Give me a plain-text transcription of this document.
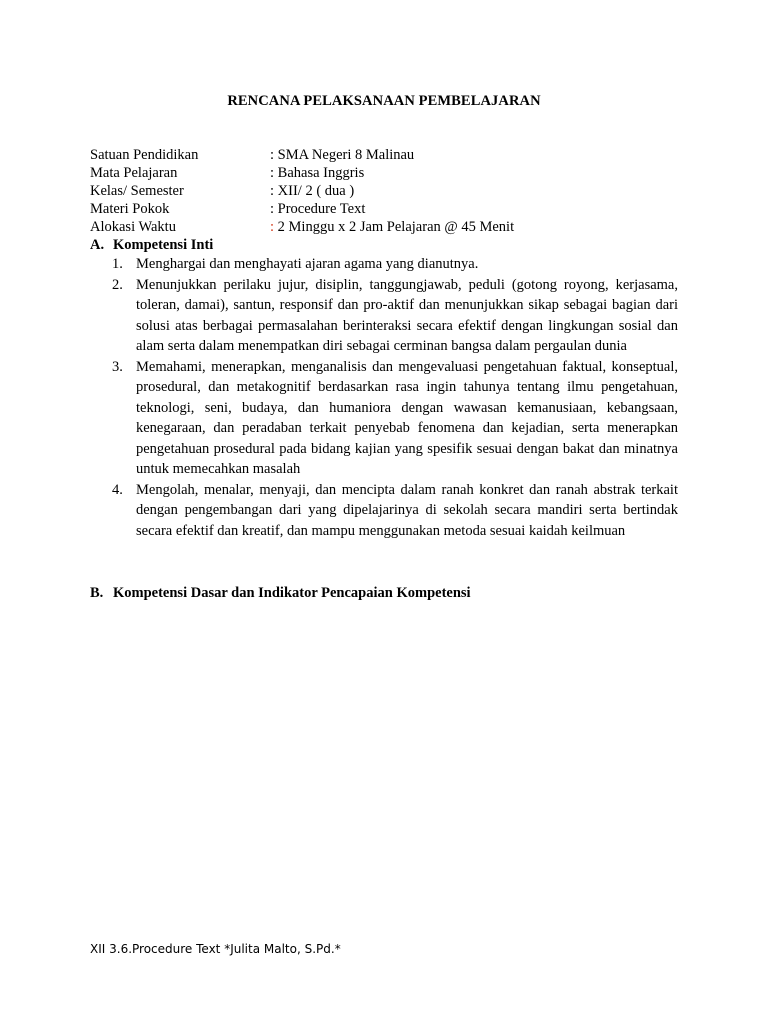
RENCANA PELAKSANAAN PEMBELAJARAN
Satuan Pendidikan	: SMA Negeri 8 Malinau
Mata Pelajaran	: Bahasa Inggris
Kelas/ Semester	: XII/ 2 ( dua )
Materi Pokok	: Procedure Text
Alokasi Waktu	: 2 Minggu x 2 Jam Pelajaran @ 45 Menit
A. Kompetensi Inti
1. Menghargai dan menghayati ajaran agama yang dianutnya.
2. Menunjukkan perilaku jujur, disiplin, tanggungjawab, peduli (gotong royong, kerjasama, toleran, damai), santun, responsif dan pro-aktif dan menunjukkan sikap sebagai bagian dari solusi atas berbagai permasalahan berinteraksi secara efektif dengan lingkungan sosial dan alam serta dalam menempatkan diri sebagai cerminan bangsa dalam pergaulan dunia
3. Memahami, menerapkan, menganalisis dan mengevaluasi pengetahuan faktual, konseptual, prosedural, dan metakognitif berdasarkan rasa ingin tahunya tentang ilmu pengetahuan, teknologi, seni, budaya, dan humaniora dengan wawasan kemanusiaan, kebangsaan, kenegaraan, dan peradaban terkait penyebab fenomena dan kejadian, serta menerapkan pengetahuan prosedural pada bidang kajian yang spesifik sesuai dengan bakat dan minatnya untuk memecahkan masalah
4. Mengolah, menalar, menyaji, dan mencipta dalam ranah konkret dan ranah abstrak terkait dengan pengembangan dari yang dipelajarinya di sekolah secara mandiri serta bertindak secara efektif dan kreatif, dan mampu menggunakan metoda sesuai kaidah keilmuan
B. Kompetensi Dasar dan Indikator Pencapaian Kompetensi
XII 3.6.Procedure Text *Julita Malto, S.Pd.*
